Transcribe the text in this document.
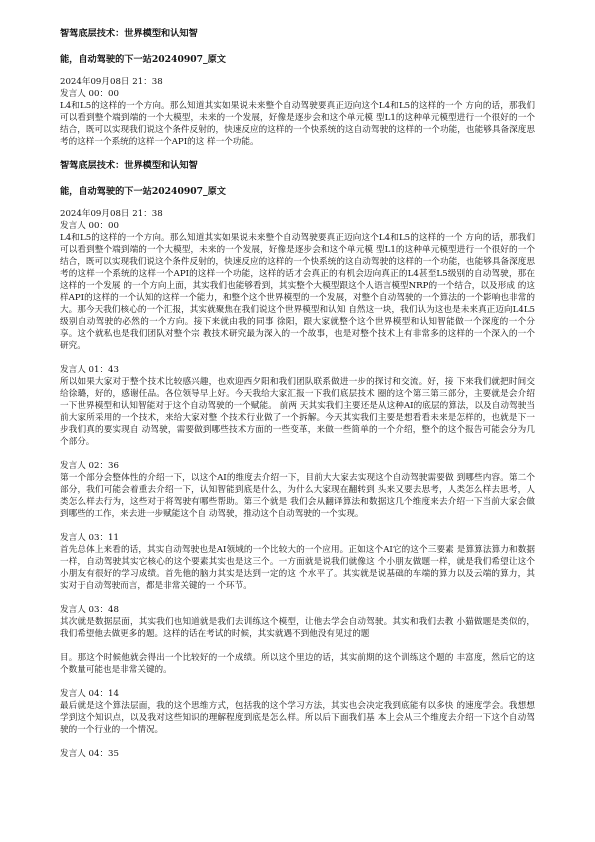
智驾底层技术：世界模型和认知智

能，自动驾驶的下一站20240907_原文

2024年09月08日 21：38
发言人 00：00

L4和L5的这样的一个方向。那么知道其实如果说未来整个自动驾驶要真正迈向这个L4和L5的这样的一个 方向的话，那我们可以看到整个端到端的一个大模型，未来的一个发展，好像是逐步会和这个单元模 型L1的这种单元模型进行一个很好的一个结合，既可以实现我们说这个条件反射的，快速反应的这样的一个快系统的这自动驾驶的这样的一个功能，也能够具备深度思考的这样一个系统的这样一个API的这 样一个功能。

智驾底层技术：世界模型和认知智

能，自动驾驶的下一站20240907_原文

2024年09月08日 21：38
发言人 00：00

L4和L5的这样的一个方向。那么知道其实如果说未来整个自动驾驶要真正迈向这个L4和L5的这样的一个 方向的话，那我们可以看到整个端到端的一个大模型，未来的一个发展，好像是逐步会和这个单元模 型L1的这种单元模型进行一个很好的一个结合，既可以实现我们说这个条件反射的，快速反应的这样的一个快系统的这自动驾驶的这样的一个功能，也能够具备深度思考的这样一个系统的这样一个API的这样一个功能，这样的话才会真正的有机会迈向真正的L4甚至L5级别的自动驾驶，那在这样的一个发展 的一个方向上面，其实我们也能够看到，其实整个大模型跟这个人语言模型NRP的一个结合，以及形成 的这样API的这样的一个认知的这样一个能力，和整个这个世界模型的一个发展，对整个自动驾驶的一个算法的一个影响也非常的大。那今天我们核心的一个汇报，其实就聚焦在我们说这个世界模型和认知 自然这一块，我们认为这也是未来真正迈向L4L5级别自动驾驶的必然的一个方向。接下来就由我的同事 徐阳，跟大家就整个这个世界模型和认知智能做一个深度的一个分享。这个就私也是我们团队对整个宗 教技术研究最为深入的一个故事，也是对整个技术上有非常多的这样的一个深入的一个研究。

发言人 01：43

所以如果大家对于整个技术比较感兴趣，也欢迎西夕阳和我们团队联系做进一步的探讨和交流。好，接 下来我们就把时间交给徐璐，好的，感谢任品。各位领导早上好。今天我给大家汇报一下我们底层技术 圈的这个第三第三部分，主要就是会介绍一下世界模型和认知智能对于这个自动驾驶的一个赋能。 前两 天其实我们主要还是从这种AI的底层的算法，以及自动驾驶当前大家所采用的一个技术，来给大家对整 个技术行业做了一个拆解。今天其实我们主要是想看看未来是怎样的，也就是下一步我们真的要实现自 动驾驶，需要做到哪些技术方面的一些变革，来做一些简单的一个介绍，整个的这个报告可能会分为几 个部分。

发言人 02：36

第一个部分会整体性的介绍一下，以这个AI的维度去介绍一下，目前大大家去实现这个自动驾驶需要做 到哪些内容。第二个部分，我们可能会着重去介绍一下，认知智能到底是什么，为什么大家现在翻转到 头来又要去思考，人类怎么样去思考，人类怎么样去行为，这些对于将驾驶有哪些帮助。第三个就是 我们会从翻译算法和数据这几个维度来去介绍一下当前大家会做到哪些的工作，来去进一步赋能这个自 动驾驶，推动这个自动驾驶的一个实现。

发言人 03：11

首先总体上来看的话，其实自动驾驶也是AI领域的一个比较大的一个应用。正如这个AI它的这个三要素 是算算法算力和数据一样，自动驾驶其实它核心的这个要素其实也是这三个。一方面就是说我们就像这 个小朋友做题一样，就是我们希望让这个小朋友有很好的学习成绩。首先他的脑力其实是达到一定的这 个水平了。其实就是说基础的车端的算力以及云端的算力，其实对于自动驾驶而言，都是非常关键的一 个环节。

发言人 03：48

其次就是数据层面，其实我们也知道就是我们去训练这个模型，让他去学会自动驾驶。其实和我们去教 小猫做题是类似的，我们希望他去做更多的题。这样的话在考试的时候，其实就遇不到他没有见过的题

目。那这个时候他就会得出一个比较好的一个成绩。所以这个里边的话，其实前期的这个训练这个题的 丰富度，然后它的这个数量可能也是非常关键的。

发言人 04：14

最后就是这个算法层面，我的这个思维方式，包括我的这个学习方法，其实也会决定我到底能有以多快 的速度学会。我想想学到这个知识点，以及我对这些知识的理解程度到底是怎么样。所以后下面我们基 本上会从三个维度去介绍一下这个自动驾驶的一个行业的一个情况。

发言人 04：35
